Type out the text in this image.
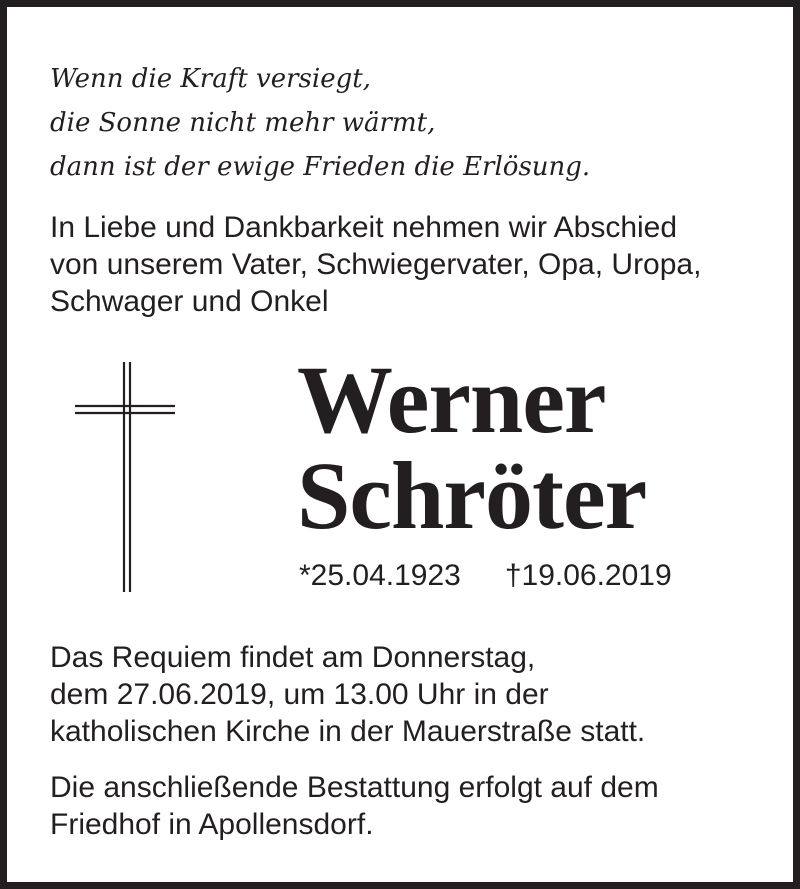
Wenn die Kraft versiegt,
die Sonne nicht mehr wärmt,
dann ist der ewige Frieden die Erlösung.

In Liebe und Dankbarkeit nehmen wir Abschied
von unserem Vater, Schwiegervater, Opa, Uropa,
Schwager und Onkel

Werner
Schröter
*25.04.1923 †19.06.2019

Das Requiem findet am Donnerstag,
dem 27.06.2019, um 13.00 Uhr in der
katholischen Kirche in der Mauerstraße statt.

Die anschließende Bestattung erfolgt auf dem
Friedhof in Apollensdorf.
